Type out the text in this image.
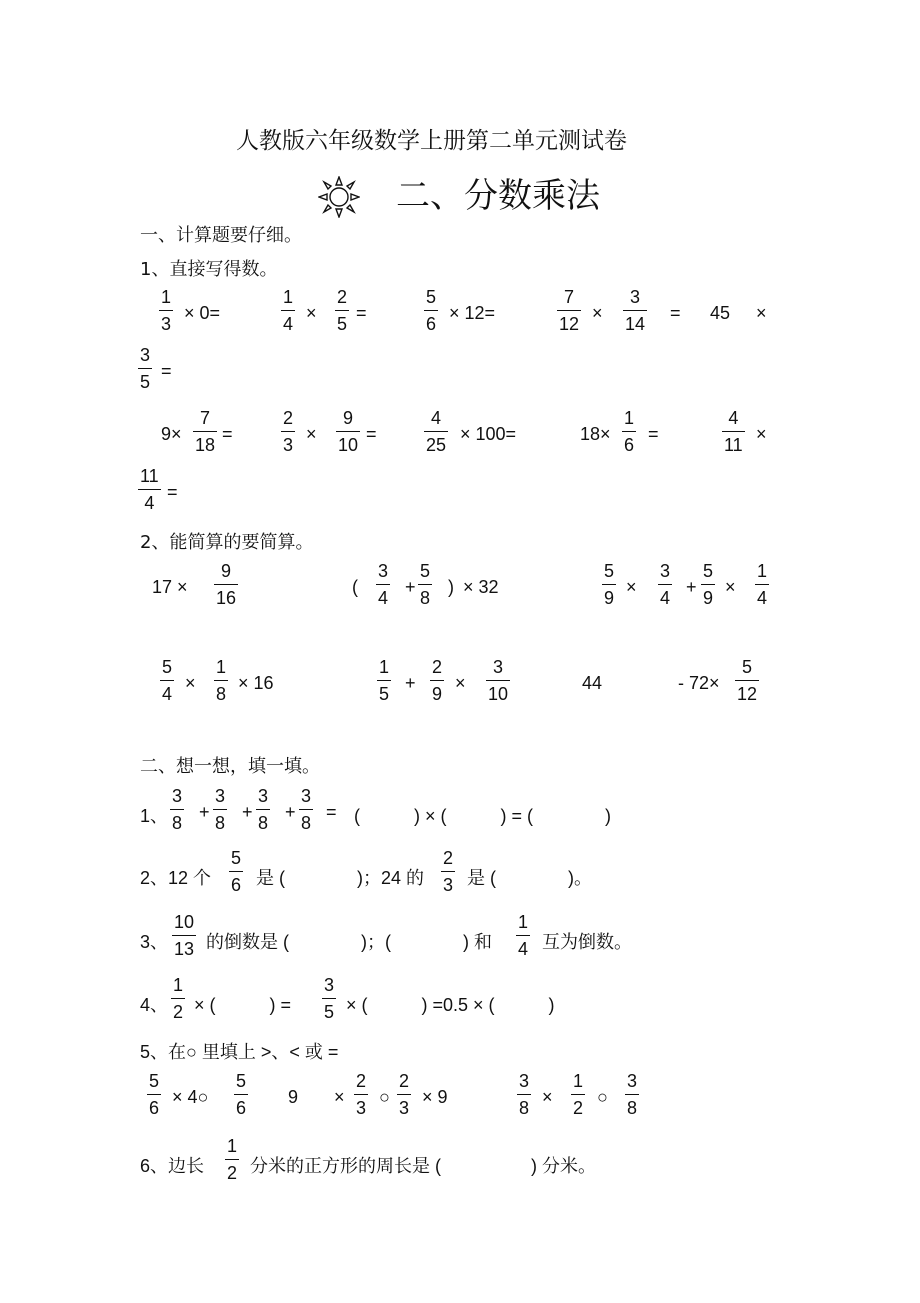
人教版六年级数学上册第二单元测试卷
二、分数乘法
一、计算题要仔细。
1、直接写得数。
1
3
× 0=
1
4
×
2
5
=
5
6
× 12=
7
12
×
3
14
= 45 ×
3
5
=
9×
7
18
=
2
3
×
9
10
=
4
25
× 100=	18×
1
6
=
4
11
×
11
4
=
2、能简算的要简算。
17 ×
9
16
(
3
4
+
5
8
) × 32
5
9
×
3
4
+
5
9
×
1
4
5
4
×
1
8
× 16
1
5
+
2
9
×
3
10
44	- 72×
5
12
二、想一想，填一填。
1、
3
8
+
3
8
+
3
8
+
3
8
= (　　　) × (　　　) = (　　　　)
2、12 个
5
6 是 (　　　　)；24 的
2
3 是 (　　　　)。
3、
10
13 的倒数是 (　　　　)；(　　　　) 和
1
4 互为倒数。
4、
1
2 × (　　　) =
3
5 × (　　　) =0.5 × (　　　)
5、在○ 里填上 >、< 或 =
5
6
× 4○
5
6
9 ×
2
3
○
2
3
× 9
3
8
×
1
2
○
3
8
6、边长
1
2 分米的正方形的周长是 (　　　　　) 分米。
